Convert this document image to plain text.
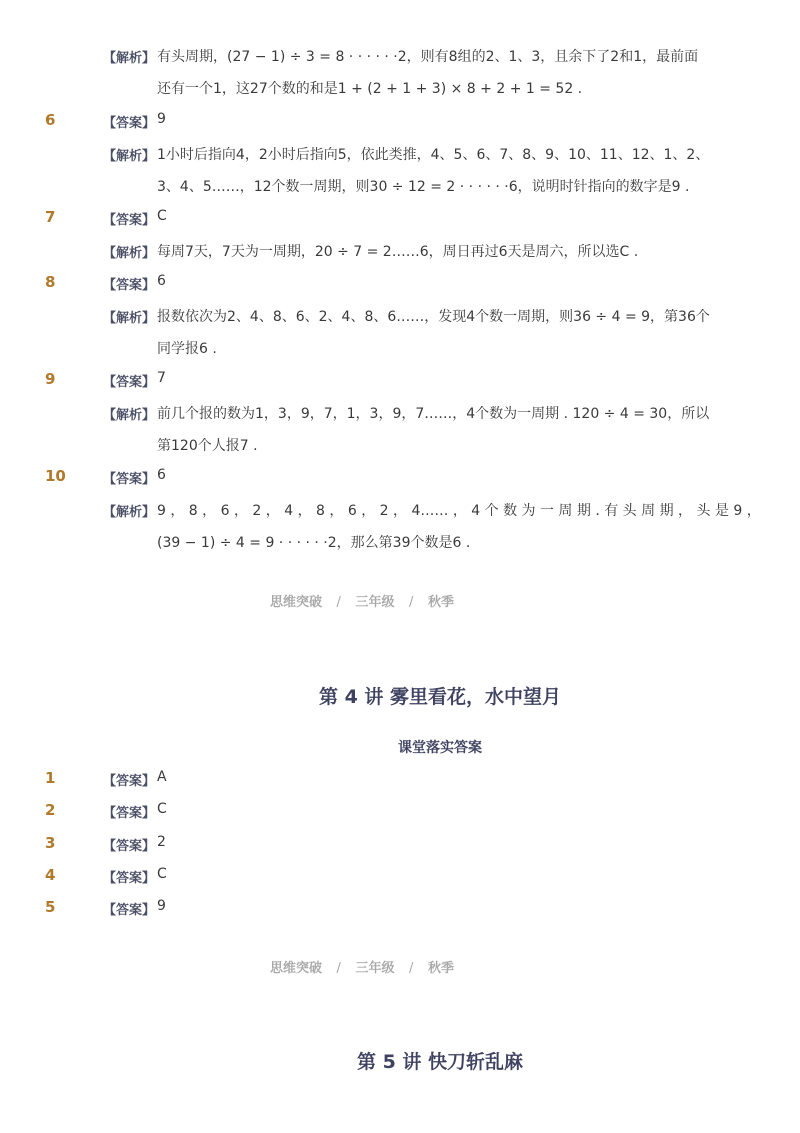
【解析】 有头周期，(27 − 1) ÷ 3 = 8 · · · · · ·2，则有8组的2、1、3，且余下了2和1，最前面
还有一个1，这27个数的和是1 + (2 + 1 + 3) × 8 + 2 + 1 = 52 .
6	【答案】 9
【解析】 1小时后指向4，2小时后指向5，依此类推，4、5、6、7、8、9、10、11、12、1、2、
3、4、5……，12个数一周期，则30 ÷ 12 = 2 · · · · · ·6，说明时针指向的数字是9 .
7	【答案】 C
【解析】 每周7天，7天为一周期，20 ÷ 7 = 2……6，周日再过6天是周六，所以选C .
8	【答案】 6
【解析】 报数依次为2、4、8、6、2、4、8、6……，发现4个数一周期，则36 ÷ 4 = 9，第36个
同学报6 .
9	【答案】 7
【解析】 前几个报的数为1，3，9，7，1，3，9，7……，4个数为一周期 . 120 ÷ 4 = 30，所以
第120个人报7 .
10	【答案】 6
【解析】 9 ， 8 ， 6 ， 2 ， 4 ， 8 ， 6 ， 2 ， 4…… ， 4 个 数 为 一 周 期 . 有 头 周 期 ， 头 是 9 ，
(39 − 1) ÷ 4 = 9 · · · · · ·2，那么第39个数是6 .
思维突破 / 三年级 / 秋季
第 4 讲 雾里看花，水中望月
课堂落实答案
1	【答案】 A
2	【答案】 C
3	【答案】 2
4	【答案】 C
5	【答案】 9
思维突破 / 三年级 / 秋季
第 5 讲 快刀斩乱麻
